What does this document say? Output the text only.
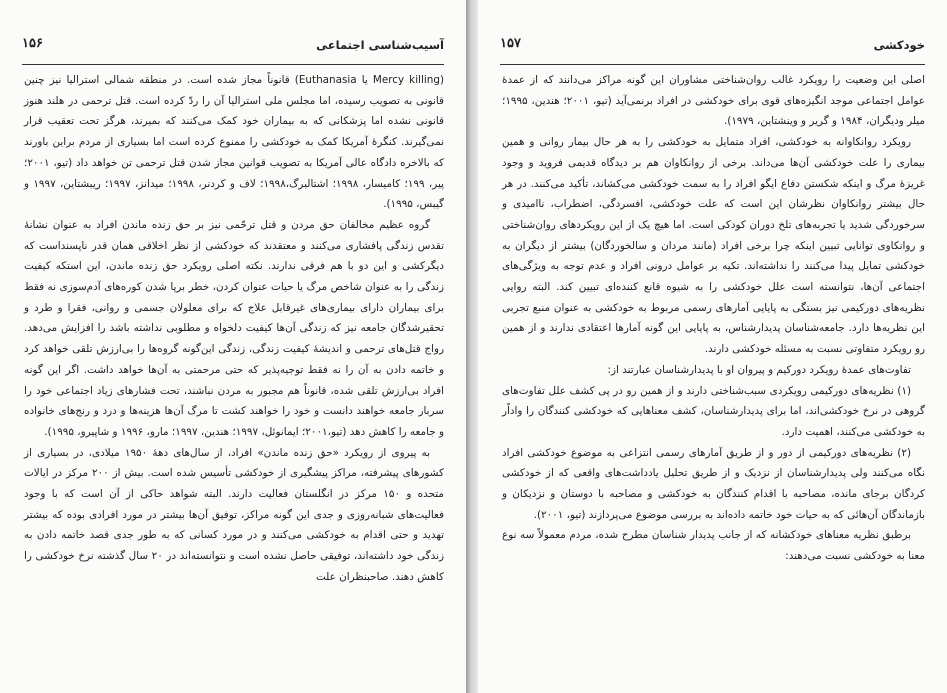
آسیب‌شناسی اجتماعی
۱۵۶

(Mercy killing یا Euthanasia) قانوناً مجاز شده است. در منطقه شمالی استرالیا نیز چنین قانونی به تصویب رسیده، اما مجلس ملی استرالیا آن را ردّ کرده است. قتل ترحمی در هلند هنوز قانونی نشده اما پزشکانی که به بیماران خود کمک می‌کنند که بمیرند، هرگز تحت تعقیب قرار نمی‌گیرند. کنگرهٔ آمریکا کمک به خودکشی را ممنوع کرده است اما بسیاری از مردم براین باورند که بالاخره دادگاه عالی آمریکا به تصویب قوانین مجاز شدن قتل ترحمی تن خواهد داد (تیو، ۲۰۰۱؛ پیر، ۱۹۹؛ کامیسار، ۱۹۹۸؛ اشتالبرگ،۱۹۹۸؛ لاف و کردنر، ۱۹۹۸؛ میدانز، ۱۹۹۷؛ ریبشتاین، ۱۹۹۷ و گیبس، ۱۹۹۵).

گروه عظیم مخالفان حق مردن و قتل ترحّمی نیز بر حق زنده ماندن افراد به عنوان نشانهٔ تقدس زندگی پافشاری می‌کنند و معتقدند که خودکشی از نظر اخلاقی همان قدر ناپسنداست که دیگرکشی و این دو با هم فرقی ندارند. نکته اصلی رویکرد حق زنده ماندن، این استکه کیفیت زندگی را به عنوان شاخص مرگ یا حیات عنوان کردن، خطر برپا شدن کوره‌های آدم‌سوزی نه فقط برای بیماران دارای بیماری‌های غیرقابل علاج که برای معلولان جسمی و روانی، فقرا و طرد و تحقیرشدگان جامعه نیز که زندگی آن‌ها کیفیت دلخواه و مطلوبی نداشته باشد را افزایش می‌دهد. رواج قتل‌های ترحمی و اندیشهٔ کیفیت زندگی، زندگی این‌گونه گروه‌ها را بی‌ارزش تلقی خواهد کرد و خاتمه دادن به آن را نه فقط توجیه‌پذیر که حتی مرحمتی به آن‌ها خواهد داشت. اگر این گونه افراد بی‌ارزش تلقی شده، قانوناً هم مجبور به مردن نباشند، تحت فشارهای زیاد اجتماعی خود را سربار جامعه خواهند دانست و خود را خواهند کشت تا مرگ آن‌ها هزینه‌ها و درد و رنج‌های خانواده و جامعه را کاهش دهد (تیو،۲۰۰۱؛ ایمانوئل، ۱۹۹۷؛ هندین، ۱۹۹۷؛ مارو، ۱۹۹۶ و شاپیرو، ۱۹۹۵).

به پیروی از رویکرد «حق زنده ماندن» افراد، از سال‌های دههٔ ۱۹۵۰ میلادی، در بسیاری از کشورهای پیشرفته، مراکز پیشگیری از خودکشی تأسیس شده است. بیش از ۲۰۰ مرکز در ایالات متحده و ۱۵۰ مرکز در انگلستان فعالیت دارند. البته شواهد حاکی از آن است که با وجود فعالیت‌های شبانه‌روزی و جدی این گونه مراکز، توفیق آن‌ها بیشتر در مورد افرادی بوده که بیشتر تهدید و حتی اقدام به خودکشی می‌کنند و در مورد کسانی که به طور جدی قصد خاتمه دادن به زندگی خود داشته‌اند، توفیقی حاصل نشده است و نتوانسته‌اند در ۲۰ سال گذشته نرخ خودکشی را کاهش دهند. صاحبنظران علت

خودکشی
۱۵۷

اصلی این وضعیت را رویکرد غالب روان‌شناختی مشاوران این گونه مراکز می‌دانند که از عمدهٔ عوامل اجتماعی موجد انگیزه‌های قوی برای خودکشی در افراد برنمی‌آید (تیو، ۲۰۰۱؛ هندین، ۱۹۹۵؛ میلر ودیگران، ۱۹۸۴ و گریر و وینشتاین، ۱۹۷۹).

رویکرد روانکاوانه به خودکشی، افراد متمایل به خودکشی را به هر حال بیمار روانی و همین بیماری را علت خودکشی آن‌ها می‌داند. برخی از روانکاوان هم بر دیدگاه قدیمی فروید و وجود غریزهٔ مرگ و اینکه شکستن دفاع ایگو افراد را به سمت خودکشی می‌کشاند، تأکید می‌کنند. در هر حال بیشتر روانکاوان نظرشان این است که علت خودکشی، افسردگی، اضطراب، ناامیدی و سرخوردگی شدید یا تجربه‌های تلخ دوران کودکی است. اما هیچ یک از این رویکردهای روان‌شناختی و روانکاوی توانایی تبیین اینکه چرا برخی افراد (مانند مردان و سالخوردگان) بیشتر از دیگران به خودکشی تمایل پیدا می‌کنند را نداشته‌اند. تکیه بر عوامل درونی افراد و عدم توجه به ویژگی‌های اجتماعی آن‌ها، نتوانسته است علل خودکشی را به شیوه قانع کننده‌ای تبیین کند. البته روایی نظریه‌های دورکیمی نیز بستگی به پایایی آمارهای رسمی مربوط به خودکشی به عنوان منبع تجربی این نظریه‌ها دارد. جامعه‌شناسان پدیدارشناس، به پایایی این گونه آمارها اعتقادی ندارند و از همین رو رویکرد متفاوتی نسبت به مسئله خودکشی دارند.

تفاوت‌های عمدهٔ رویکرد دورکیم و پیروان او با پدیدارشناسان عبارتند از:

(۱) نظریه‌های دورکیمی رویکردی سبب‌شناختی دارند و از همین رو در پی کشف علل تفاوت‌های گروهی در نرخ خودکشی‌اند، اما برای پدیدارشناسان، کشف معناهایی که خودکشی کنندگان را واداًر به خودکشی می‌کنند، اهمیت دارد.

(۲) نظریه‌های دورکیمی از دور و از طریق آمارهای رسمی انتزاعی به موضوع خودکشی افراد نگاه می‌کنند ولی پدیدارشناسان از نزدیک و از طریق تحلیل یادداشت‌های واقعی که از خودکشی کردگان برجای مانده، مصاحبه با اقدام کنندگان به خودکشی و مصاحبه با دوستان و نزدیکان و بازماندگان آن‌هائی که به حیات خود خاتمه داده‌اند به بررسی موضوع می‌پردازند (تیو، ۲۰۰۱).

برطبق نظریه معناهای خودکشانه که از جانب پدیدار شناسان مطرح شده، مردم معمولاً سه نوع معنا به خودکشی نسبت می‌دهند:
